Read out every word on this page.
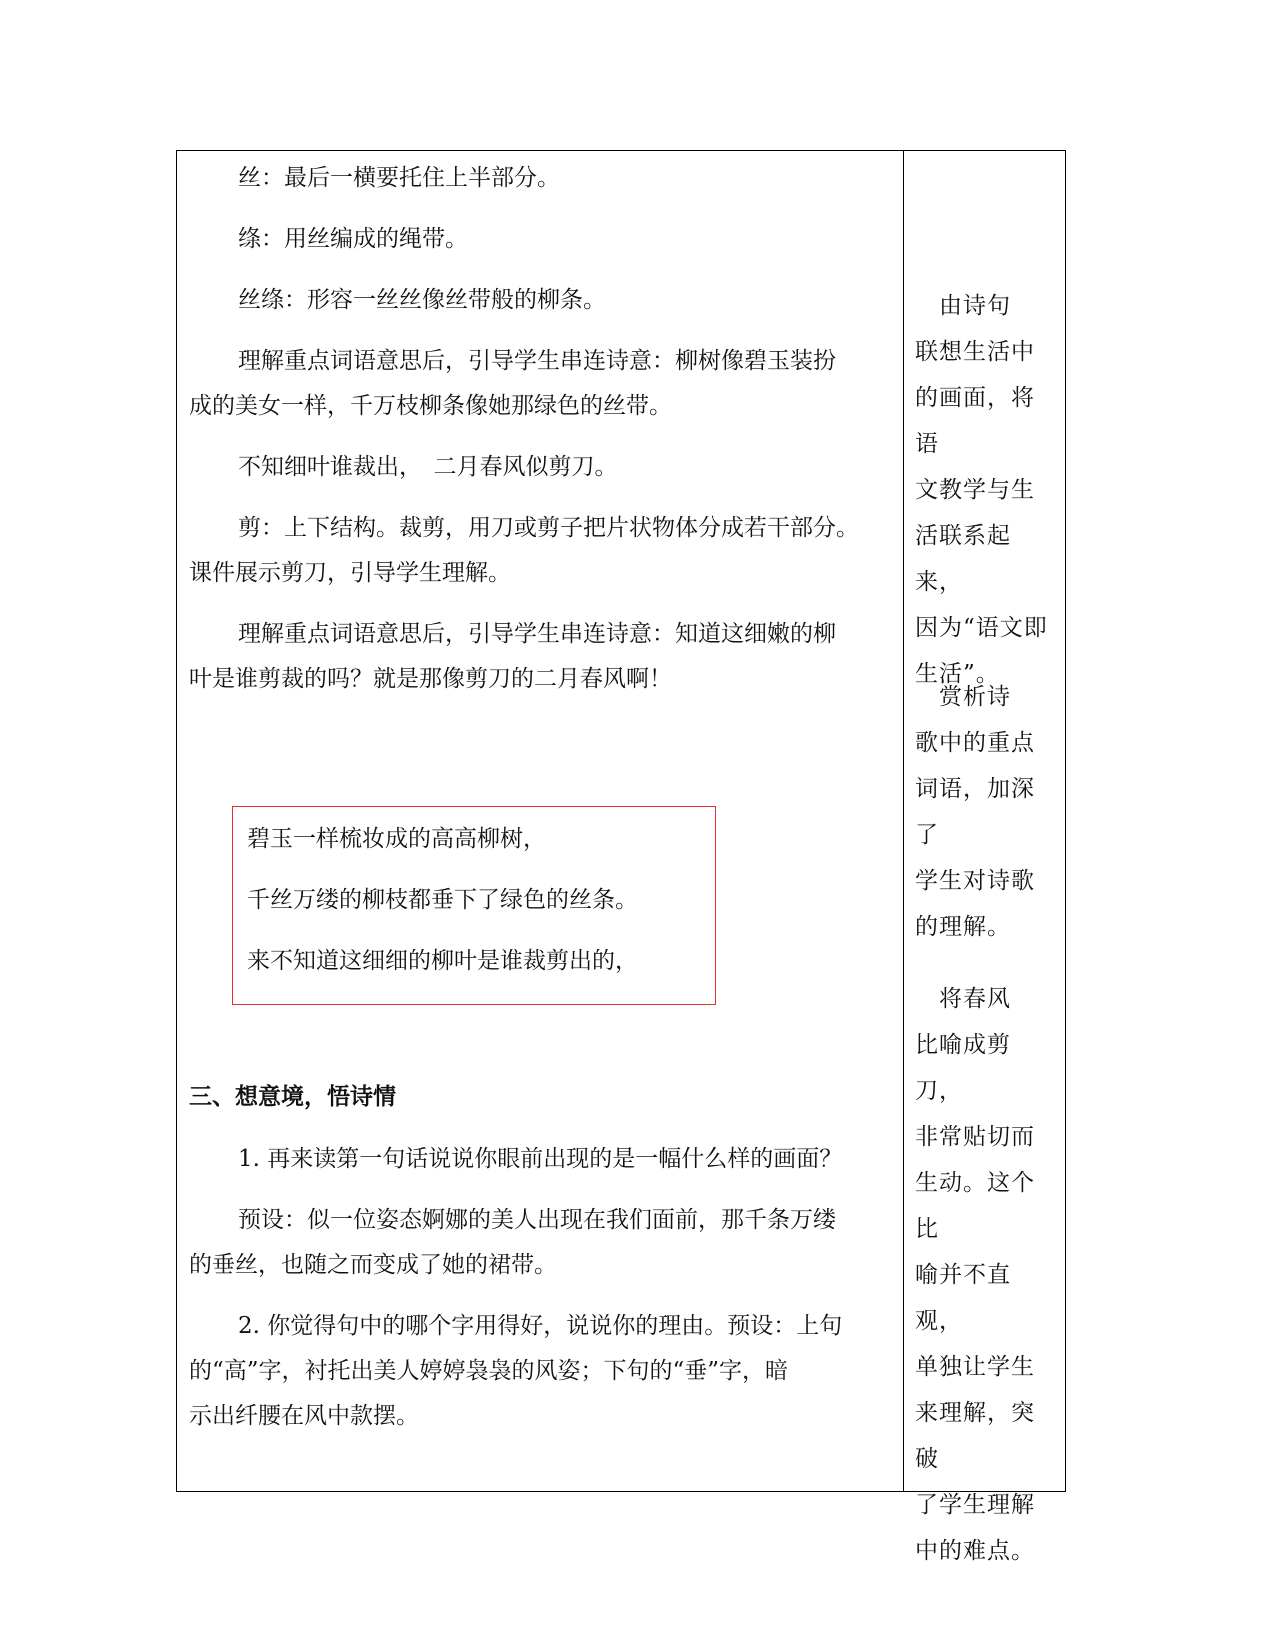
丝：最后一横要托住上半部分。
绦：用丝编成的绳带。
丝绦：形容一丝丝像丝带般的柳条。
理解重点词语意思后，引导学生串连诗意：柳树像碧玉装扮
成的美女一样，千万枝柳条像她那绿色的丝带。
不知细叶谁裁出，　二月春风似剪刀。
剪：上下结构。裁剪，用刀或剪子把片状物体分成若干部分。
课件展示剪刀，引导学生理解。
理解重点词语意思后，引导学生串连诗意：知道这细嫩的柳
叶是谁剪裁的吗？就是那像剪刀的二月春风啊！
三、想意境，悟诗情
1. 再来读第一句话说说你眼前出现的是一幅什么样的画面？
预设：似一位姿态婀娜的美人出现在我们面前，那千条万缕
的垂丝，也随之而变成了她的裙带。
2. 你觉得句中的哪个字用得好，说说你的理由。预设：上句
的“高”字，衬托出美人婷婷袅袅的风姿；下句的“垂”字，暗
示出纤腰在风中款摆。
　由诗句
联想生活中
的画面，将语
文教学与生
活联系起来，
因为“语文即
生活”。
　赏析诗
歌中的重点
词语，加深了
学生对诗歌
的理解。
　将春风
比喻成剪刀，
非常贴切而
生动。这个比
喻并不直观，
单独让学生
来理解，突破
了学生理解
中的难点。
碧玉一样梳妆成的高高柳树，
千丝万缕的柳枝都垂下了绿色的丝条。
来不知道这细细的柳叶是谁裁剪出的，
